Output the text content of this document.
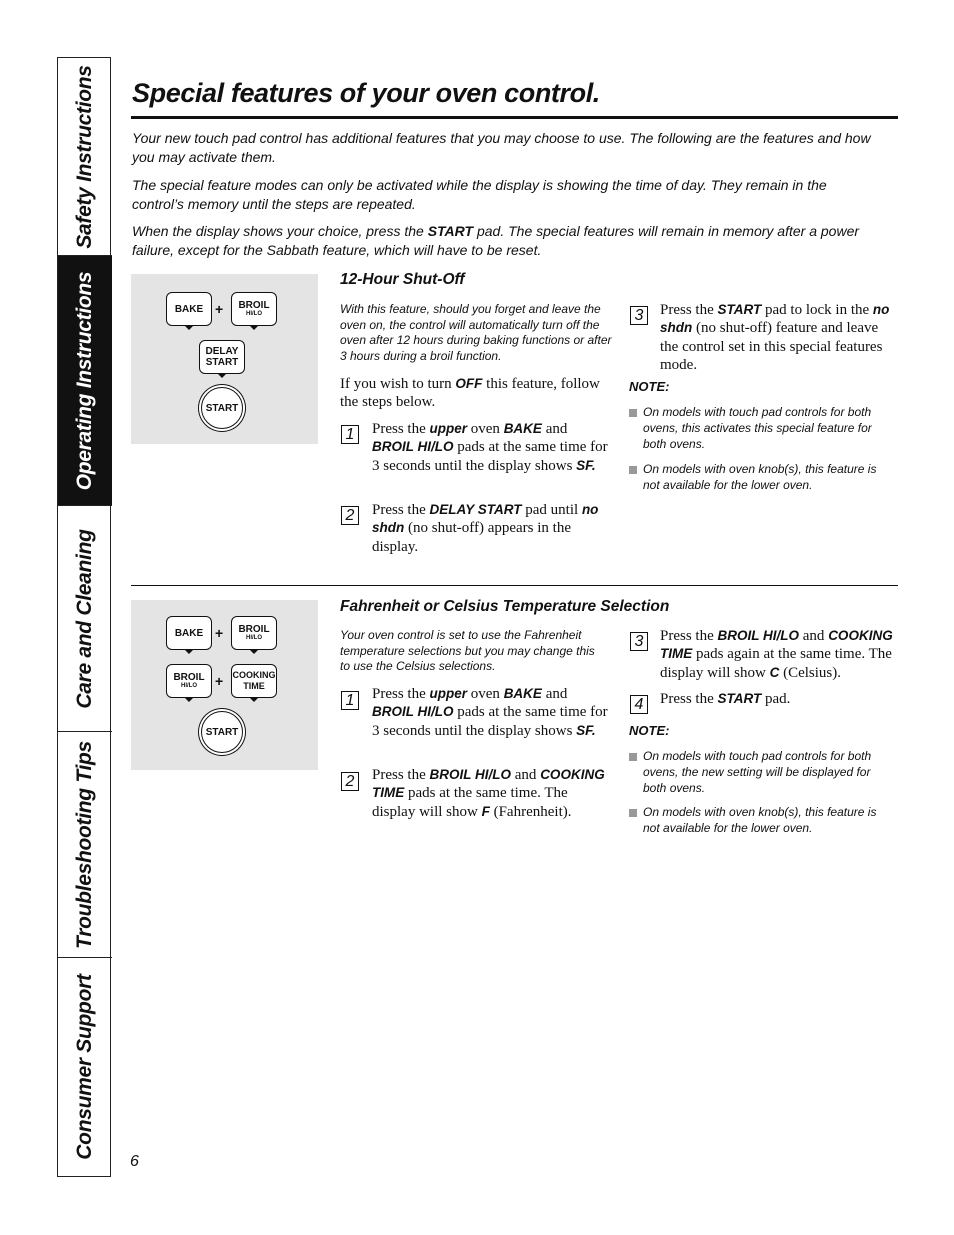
Safety Instructions
Operating Instructions
Care and Cleaning
Troubleshooting Tips
Consumer Support
Special features of your oven control.
Your new touch pad control has additional features that you may choose to use. The following are the features and how you may activate them.
The special feature modes can only be activated while the display is showing the time of day. They remain in the control’s memory until the steps are repeated.
When the display shows your choice, press the START pad. The special features will remain in memory after a power failure, except for the Sabbath feature, which will have to be reset.
BAKE + BROIL
HI/LO
DELAY
START
START
12-Hour Shut-Off
With this feature, should you forget and leave the oven on, the control will automatically turn off the oven after 12 hours during baking functions or after 3 hours during a broil function.
If you wish to turn OFF this feature, follow the steps below.
1	Press the upper oven BAKE and BROIL HI/LO pads at the same time for 3 seconds until the display shows SF.
2	Press the DELAY START pad until no shdn (no shut-off) appears in the display.
3	Press the START pad to lock in the no shdn (no shut-off) feature and leave the control set in this special features mode.
NOTE:
On models with touch pad controls for both ovens, this activates this special feature for both ovens.
On models with oven knob(s), this feature is not available for the lower oven.
BAKE + BROIL
HI/LO
BROIL
HI/LO + COOKING
TIME
START
Fahrenheit or Celsius Temperature Selection
Your oven control is set to use the Fahrenheit temperature selections but you may change this to use the Celsius selections.
1	Press the upper oven BAKE and BROIL HI/LO pads at the same time for 3 seconds until the display shows SF.
2	Press the BROIL HI/LO and COOKING TIME pads at the same time. The display will show F (Fahrenheit).
3	Press the BROIL HI/LO and COOKING TIME pads again at the same time. The display will show C (Celsius).
4	Press the START pad.
NOTE:
On models with touch pad controls for both ovens, the new setting will be displayed for both ovens.
On models with oven knob(s), this feature is not available for the lower oven.
6
